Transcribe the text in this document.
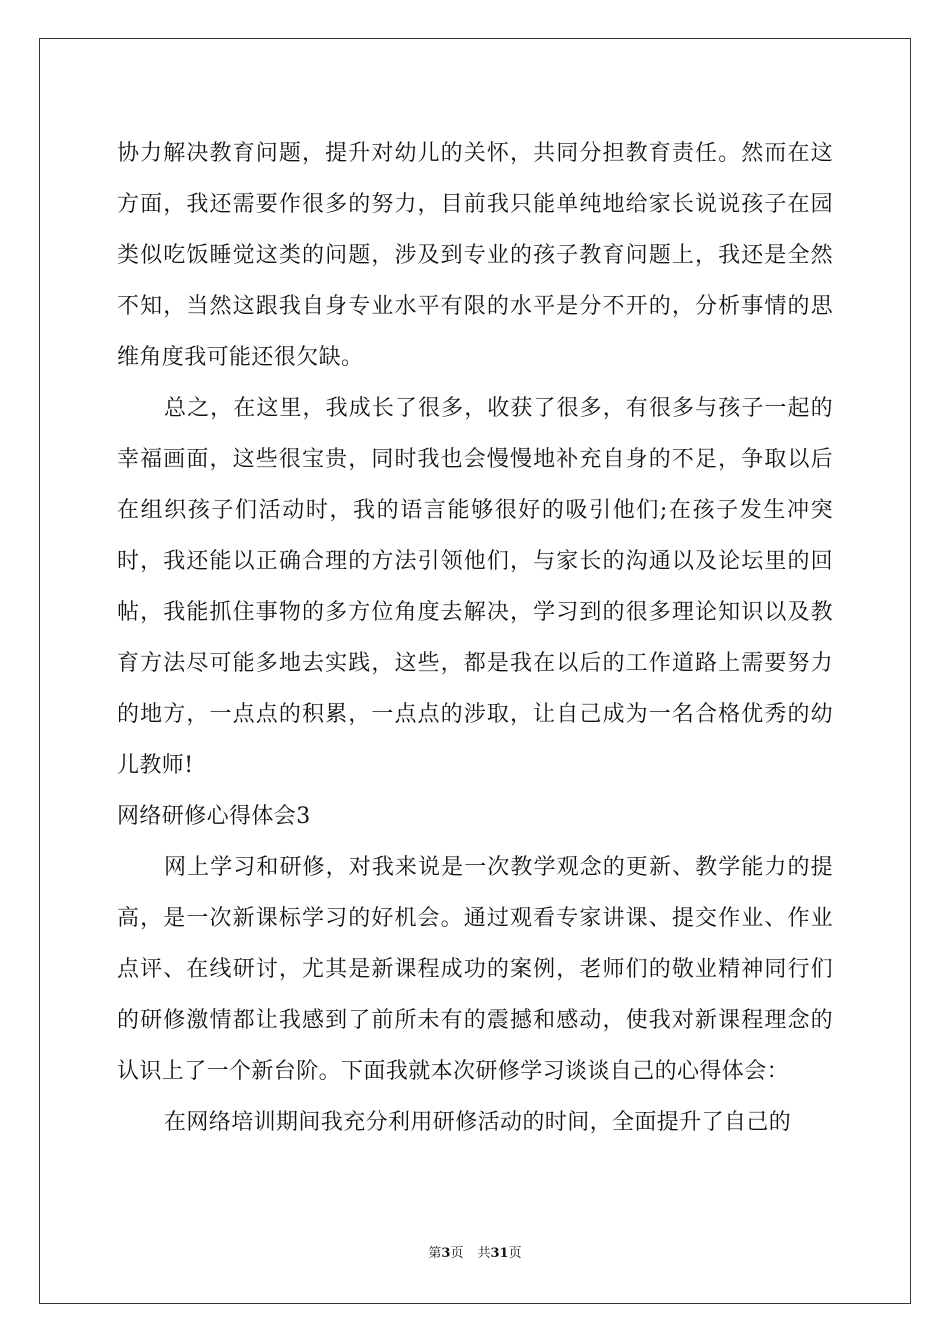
协力解决教育问题，提升对幼儿的关怀，共同分担教育责任。然而在这方面，我还需要作很多的努力，目前我只能单纯地给家长说说孩子在园类似吃饭睡觉这类的问题，涉及到专业的孩子教育问题上，我还是全然不知，当然这跟我自身专业水平有限的水平是分不开的，分析事情的思维角度我可能还很欠缺。

总之，在这里，我成长了很多，收获了很多，有很多与孩子一起的幸福画面，这些很宝贵，同时我也会慢慢地补充自身的不足，争取以后在组织孩子们活动时，我的语言能够很好的吸引他们;在孩子发生冲突时，我还能以正确合理的方法引领他们，与家长的沟通以及论坛里的回帖，我能抓住事物的多方位角度去解决，学习到的很多理论知识以及教育方法尽可能多地去实践，这些，都是我在以后的工作道路上需要努力的地方，一点点的积累，一点点的涉取，让自己成为一名合格优秀的幼儿教师!

网络研修心得体会3

网上学习和研修，对我来说是一次教学观念的更新、教学能力的提高，是一次新课标学习的好机会。通过观看专家讲课、提交作业、作业点评、在线研讨，尤其是新课程成功的案例，老师们的敬业精神同行们的研修激情都让我感到了前所未有的震撼和感动，使我对新课程理念的认识上了一个新台阶。下面我就本次研修学习谈谈自己的心得体会：

在网络培训期间我充分利用研修活动的时间，全面提升了自己的

第3页 共31页
